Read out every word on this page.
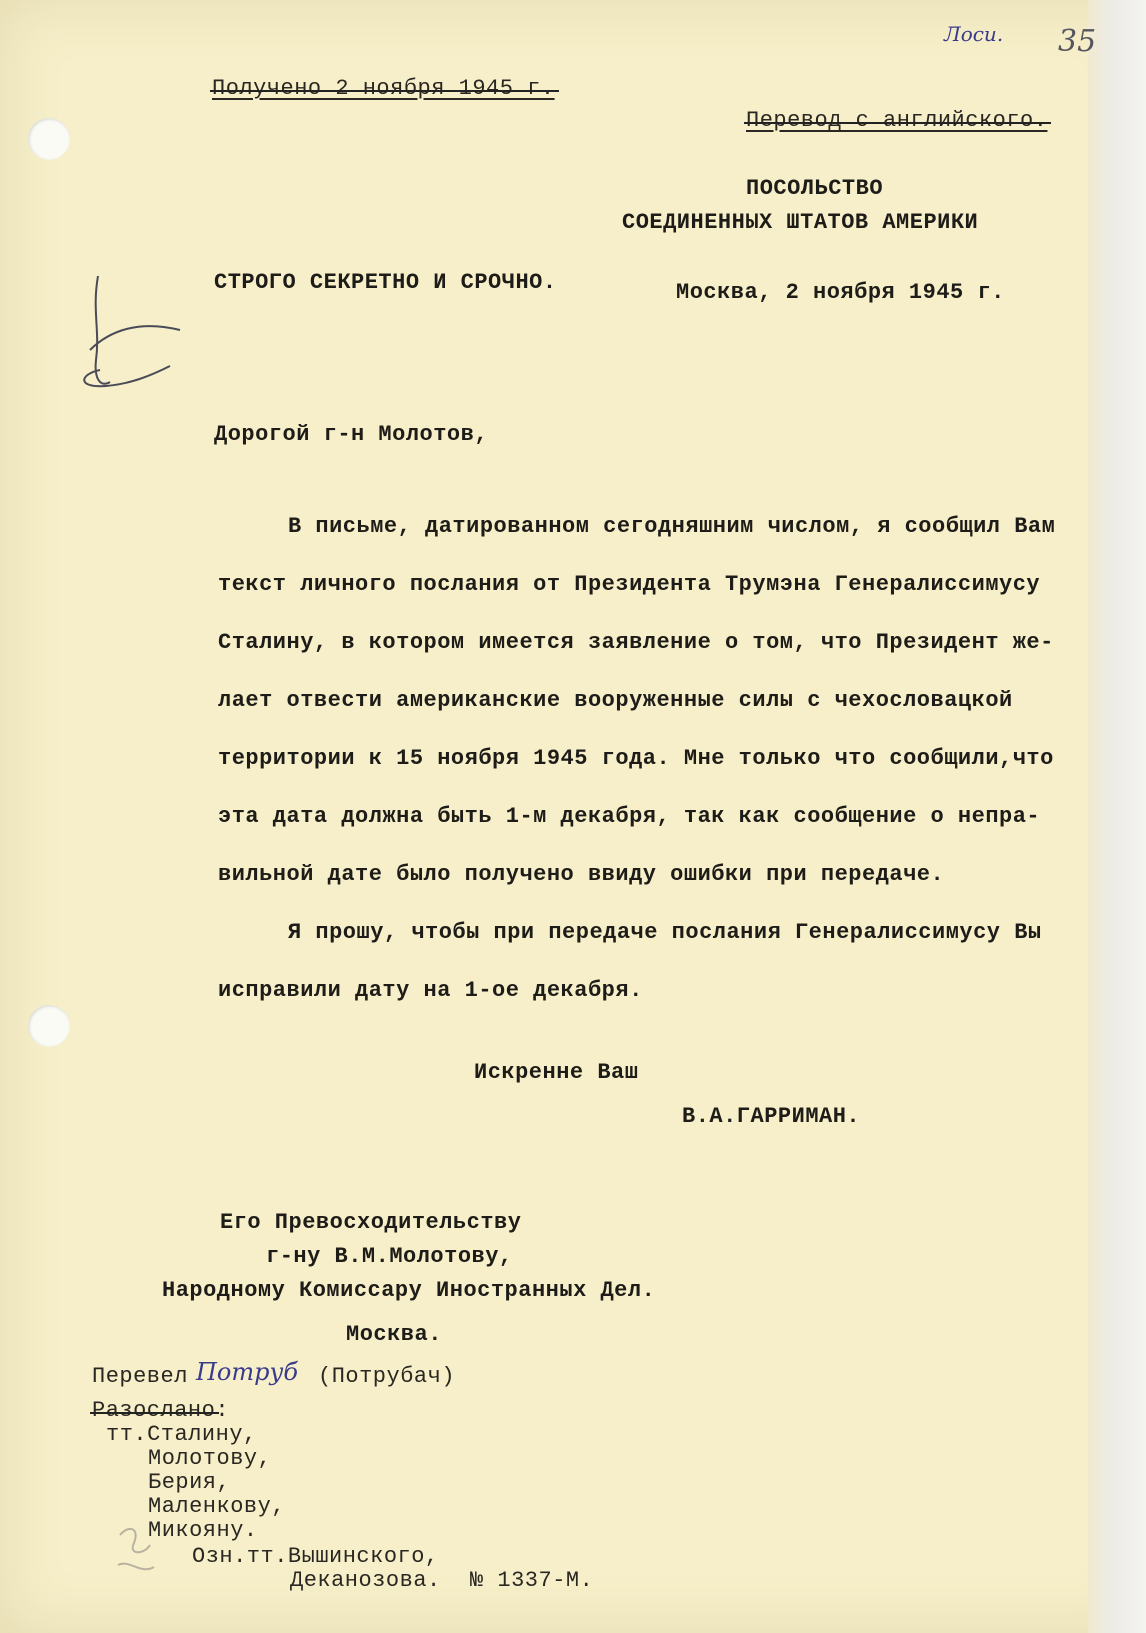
Лоси. 35
Получено 2 ноября 1945 г.
Перевод с английского.
ПОСОЛЬСТВО
СОЕДИНЕННЫХ ШТАТОВ АМЕРИКИ
СТРОГО СЕКРЕТНО И СРОЧНО.	Москва, 2 ноября 1945 г.
Дорогой г-н Молотов,
В письме, датированном сегодняшним числом, я сообщил Вам
текст личного послания от Президента Трумэна Генералиссимусу
Сталину, в котором имеется заявление о том, что Президент же-
лает отвести американские вооруженные силы с чехословацкой
территории к 15 ноября 1945 года. Мне только что сообщили,что
эта дата должна быть 1-м декабря, так как сообщение о непра-
вильной дате было получено ввиду ошибки при передаче.
Я прошу, чтобы при передаче послания Генералиссимусу Вы
исправили дату на 1-ое декабря.
Искренне Ваш
В.А.ГАРРИМАН.
Его Превосходительству
г-ну В.М.Молотову,
Народному Комиссару Иностранных Дел.
Москва.
Перевел Потруб (Потрубач)
Разослано:
тт.Сталину,
Молотову,
Берия,
Маленкову,
Микояну.
Озн.тт.Вышинского,
Деканозова. № 1337-М.
